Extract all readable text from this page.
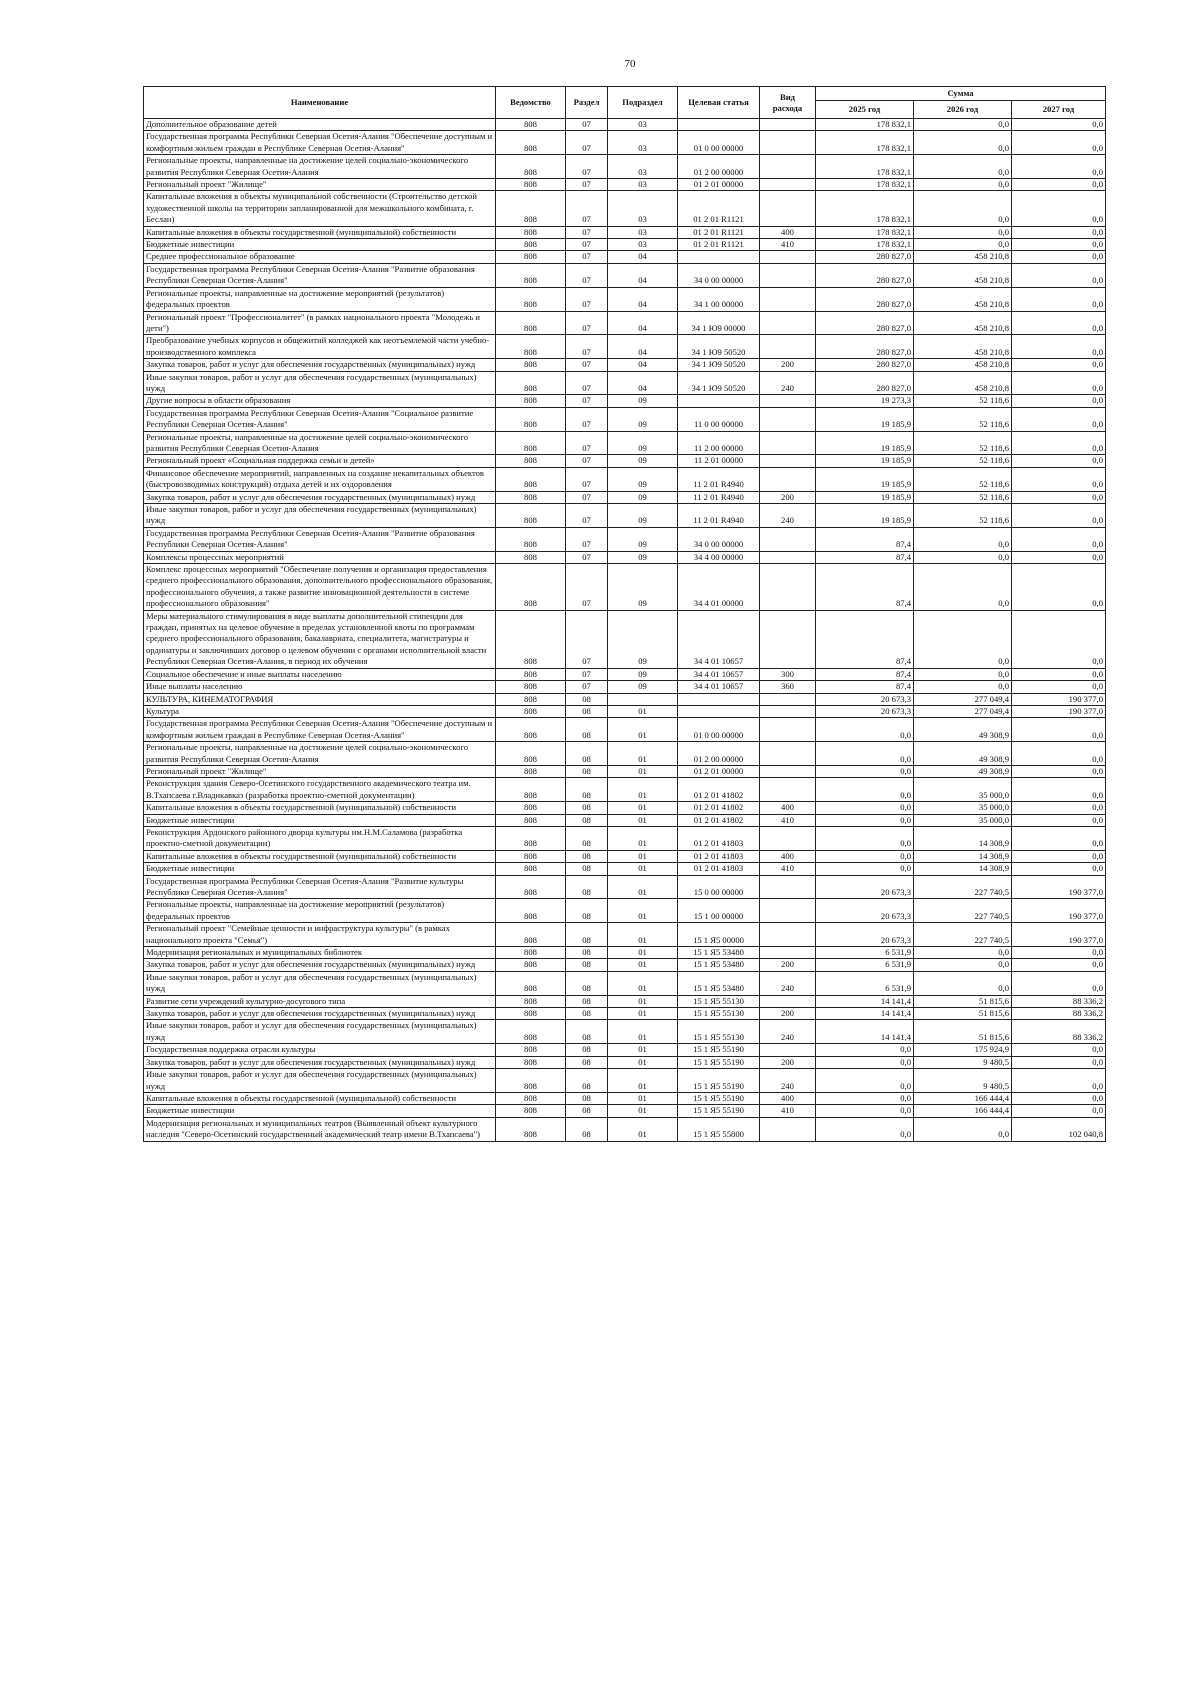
70
Наименование	Ведомство	Раздел	Подраздел	Целевая статья	Вид
расхода	Сумма		
						2025 год	2026 год	2027 год
Дополнительное образование детей	808	07	03			178 832,1	0,0	0,0
Государственная программа Республики Северная Осетия-Алания "Обеспечение доступным и комфортным жильем граждан в Республике Северная Осетия-Алания"	808	07	03	01 0 00 00000		178 832,1	0,0	0,0
Региональные проекты, направленные на достижение целей социально-экономического развития Республики Северная Осетия-Алания	808	07	03	01 2 00 00000		178 832,1	0,0	0,0
Региональный проект "Жилище"	808	07	03	01 2 01 00000		178 832,1	0,0	0,0
Капитальные вложения в объекты муниципальной собственности (Строительство детской художественной школы на территории запланированной для межшкольного комбината, г. Беслан)	808	07	03	01 2 01 R1121		178 832,1	0,0	0,0
Капитальные вложения в объекты государственной (муниципальной) собственности	808	07	03	01 2 01 R1121	400	178 832,1	0,0	0,0
Бюджетные инвестиции	808	07	03	01 2 01 R1121	410	178 832,1	0,0	0,0
Среднее профессиональное образование	808	07	04			280 827,0	458 210,8	0,0
Государственная программа Республики Северная Осетия-Алания "Развитие образования Республики Северная Осетия-Алания"	808	07	04	34 0 00 00000		280 827,0	458 210,8	0,0
Региональные проекты, направленные на достижение мероприятий (результатов) федеральных проектов	808	07	04	34 1 00 00000		280 827,0	458 210,8	0,0
Региональный проект "Профессионалитет" (в рамках национального проекта "Молодежь и дети")	808	07	04	34 1 Ю9 00000		280 827,0	458 210,8	0,0
Преобразование учебных корпусов и общежитий колледжей как неотъемлемой части учебно-производственного комплекса	808	07	04	34 1 Ю9 50520		280 827,0	458 210,8	0,0
Закупка товаров, работ и услуг для обеспечения государственных (муниципальных) нужд	808	07	04	34 1 Ю9 50520	200	280 827,0	458 210,8	0,0
Иные закупки товаров, работ и услуг для обеспечения государственных (муниципальных) нужд	808	07	04	34 1 Ю9 50520	240	280 827,0	458 210,8	0,0
Другие вопросы в области образования	808	07	09			19 273,3	52 118,6	0,0
Государственная программа Республики Северная Осетия-Алания "Социальное развитие Республики Северная Осетия-Алания"	808	07	09	11 0 00 00000		19 185,9	52 118,6	0,0
Региональные проекты, направленные на достижение целей социально-экономического развития Республики Северная Осетия-Алания	808	07	09	11 2 00 00000		19 185,9	52 118,6	0,0
Региональный проект «Социальная поддержка семьи и детей»	808	07	09	11 2 01 00000		19 185,9	52 118,6	0,0
Финансовое обеспечение мероприятий, направленных на создание некапитальных объектов (быстровозводимых конструкций) отдыха детей и их оздоровления	808	07	09	11 2 01 R4940		19 185,9	52 118,6	0,0
Закупка товаров, работ и услуг для обеспечения государственных (муниципальных) нужд	808	07	09	11 2 01 R4940	200	19 185,9	52 118,6	0,0
Иные закупки товаров, работ и услуг для обеспечения государственных (муниципальных) нужд	808	07	09	11 2 01 R4940	240	19 185,9	52 118,6	0,0
Государственная программа Республики Северная Осетия-Алания "Развитие образования Республики Северная Осетия-Алания"	808	07	09	34 0 00 00000		87,4	0,0	0,0
Комплексы процессных мероприятий	808	07	09	34 4 00 00000		87,4	0,0	0,0
Комплекс процессных мероприятий "Обеспечение получения и организация предоставления среднего профессионального образования, дополнительного профессионального образования, профессионального обучения, а также развитие инновационной деятельности в системе профессионального образования"	808	07	09	34 4 01 00000		87,4	0,0	0,0
Меры материального стимулирования в виде выплаты дополнительной стипендии для граждан, принятых на целевое обучение в пределах установленной квоты по программам среднего профессионального образования, бакалавриата, специалитета, магистратуры и ординатуры и заключивших договор о целевом обучении с органами исполнительной власти Республики Северная Осетия-Алания, в период их обучения	808	07	09	34 4 01 10657		87,4	0,0	0,0
Социальное обеспечение и иные выплаты населению	808	07	09	34 4 01 10657	300	87,4	0,0	0,0
Иные выплаты населению	808	07	09	34 4 01 10657	360	87,4	0,0	0,0
КУЛЬТУРА, КИНЕМАТОГРАФИЯ	808	08				20 673,3	277 049,4	190 377,0
Культура	808	08	01			20 673,3	277 049,4	190 377,0
Государственная программа Республики Северная Осетия-Алания "Обеспечение доступным и комфортным жильем граждан в Республике Северная Осетия-Алания"	808	08	01	01 0 00 00000		0,0	49 308,9	0,0
Региональные проекты, направленные на достижение целей социально-экономического развития Республики Северная Осетия-Алания	808	08	01	01 2 00 00000		0,0	49 308,9	0,0
Региональный проект "Жилище"	808	08	01	01 2 01 00000		0,0	49 308,9	0,0
Реконструкция здания Северо-Осетинского государственного академического театра им. В.Тхапсаева г.Владикавказ (разработка проектно-сметной документации)	808	08	01	01 2 01 41802		0,0	35 000,0	0,0
Капитальные вложения в объекты государственной (муниципальной) собственности	808	08	01	01 2 01 41802	400	0,0	35 000,0	0,0
Бюджетные инвестиции	808	08	01	01 2 01 41802	410	0,0	35 000,0	0,0
Реконструкция Ардонского районного дворца культуры им.Н.М.Саламова (разработка проектно-сметной документации)	808	08	01	01 2 01 41803		0,0	14 308,9	0,0
Капитальные вложения в объекты государственной (муниципальной) собственности	808	08	01	01 2 01 41803	400	0,0	14 308,9	0,0
Бюджетные инвестиции	808	08	01	01 2 01 41803	410	0,0	14 308,9	0,0
Государственная программа Республики Северная Осетия-Алания "Развитие культуры Республики Северная Осетия-Алания"	808	08	01	15 0 00 00000		20 673,3	227 740,5	190 377,0
Региональные проекты, направленные на достижение мероприятий (результатов) федеральных проектов	808	08	01	15 1 00 00000		20 673,3	227 740,5	190 377,0
Региональный проект "Семейные ценности и инфраструктура культуры" (в рамках национального проекта "Семья")	808	08	01	15 1 Я5 00000		20 673,3	227 740,5	190 377,0
Модернизация региональных и муниципальных библиотек	808	08	01	15 1 Я5 53480		6 531,9	0,0	0,0
Закупка товаров, работ и услуг для обеспечения государственных (муниципальных) нужд	808	08	01	15 1 Я5 53480	200	6 531,9	0,0	0,0
Иные закупки товаров, работ и услуг для обеспечения государственных (муниципальных) нужд	808	08	01	15 1 Я5 53480	240	6 531,9	0,0	0,0
Развитие сети учреждений культурно-досугового типа	808	08	01	15 1 Я5 55130		14 141,4	51 815,6	88 336,2
Закупка товаров, работ и услуг для обеспечения государственных (муниципальных) нужд	808	08	01	15 1 Я5 55130	200	14 141,4	51 815,6	88 336,2
Иные закупки товаров, работ и услуг для обеспечения государственных (муниципальных) нужд	808	08	01	15 1 Я5 55130	240	14 141,4	51 815,6	88 336,2
Государственная поддержка отрасли культуры	808	08	01	15 1 Я5 55190		0,0	175 924,9	0,0
Закупка товаров, работ и услуг для обеспечения государственных (муниципальных) нужд	808	08	01	15 1 Я5 55190	200	0,0	9 480,5	0,0
Иные закупки товаров, работ и услуг для обеспечения государственных (муниципальных) нужд	808	08	01	15 1 Я5 55190	240	0,0	9 480,5	0,0
Капитальные вложения в объекты государственной (муниципальной) собственности	808	08	01	15 1 Я5 55190	400	0,0	166 444,4	0,0
Бюджетные инвестиции	808	08	01	15 1 Я5 55190	410	0,0	166 444,4	0,0
Модернизация региональных и муниципальных театров (Выявленный объект культурного наследия "Северо-Осетинский государственный академический театр имени В.Тхапсаева")	808	08	01	15 1 Я5 55800		0,0	0,0	102 040,8
